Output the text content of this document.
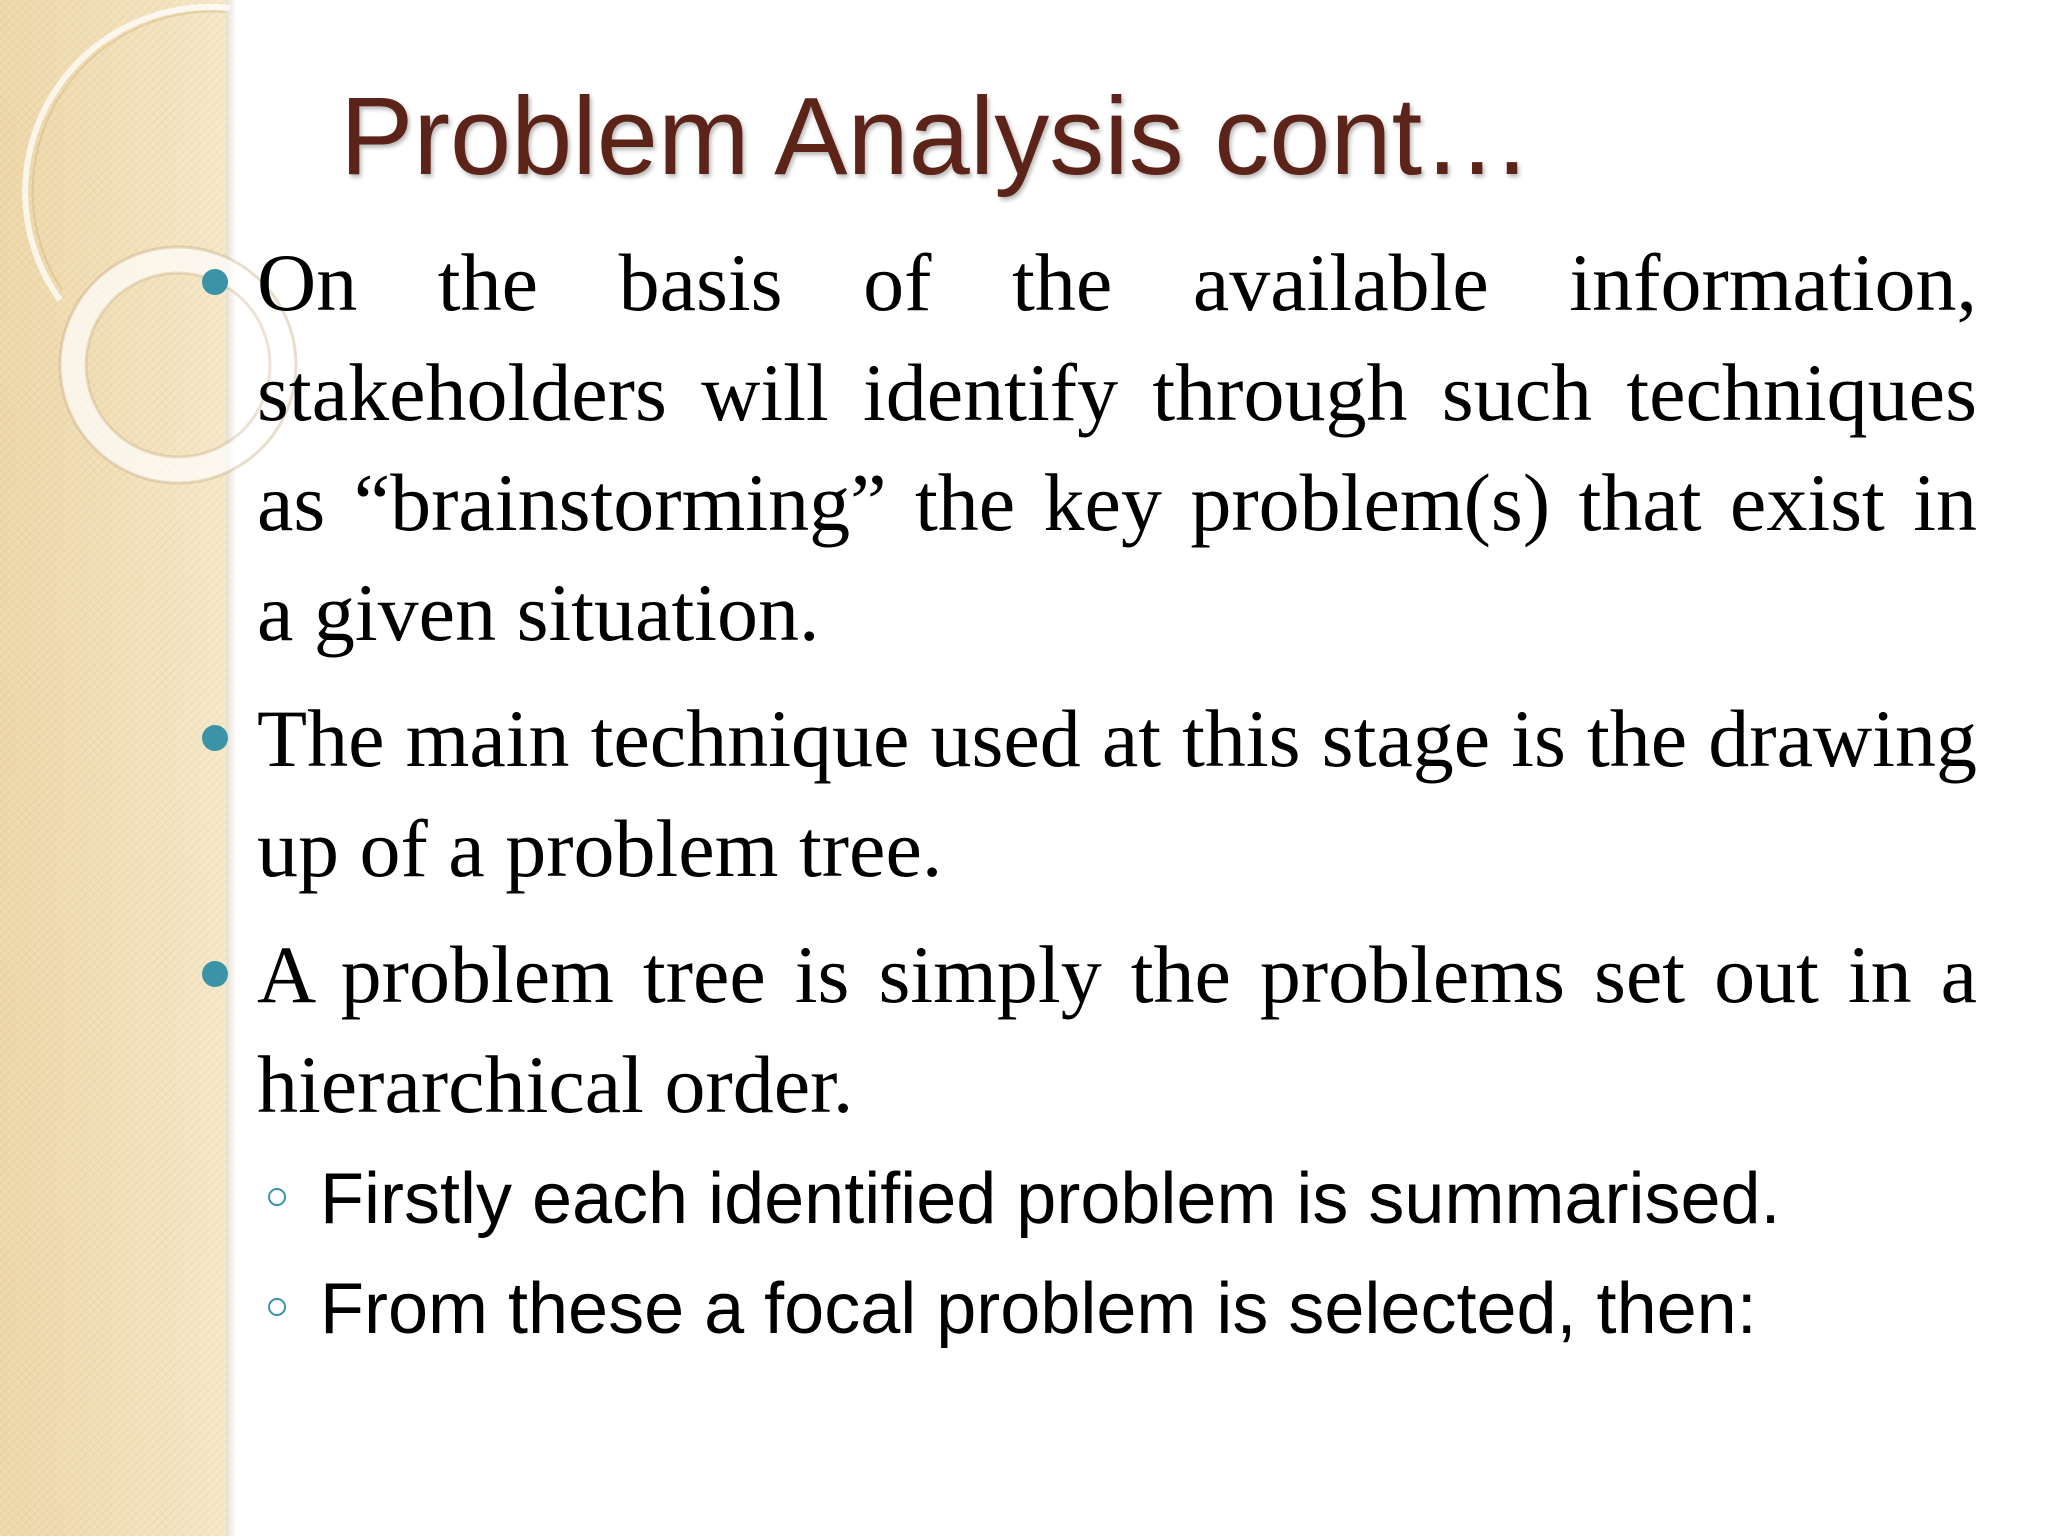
Problem Analysis cont…
On the basis of the available information, stakeholders will identify through such techniques as “brainstorming” the key problem(s) that exist in a given situation.
The main technique used at this stage is the drawing up of a problem tree.
A problem tree is simply the problems set out in a hierarchical order.
Firstly each identified problem is summarised.
From these a focal problem is selected, then:
